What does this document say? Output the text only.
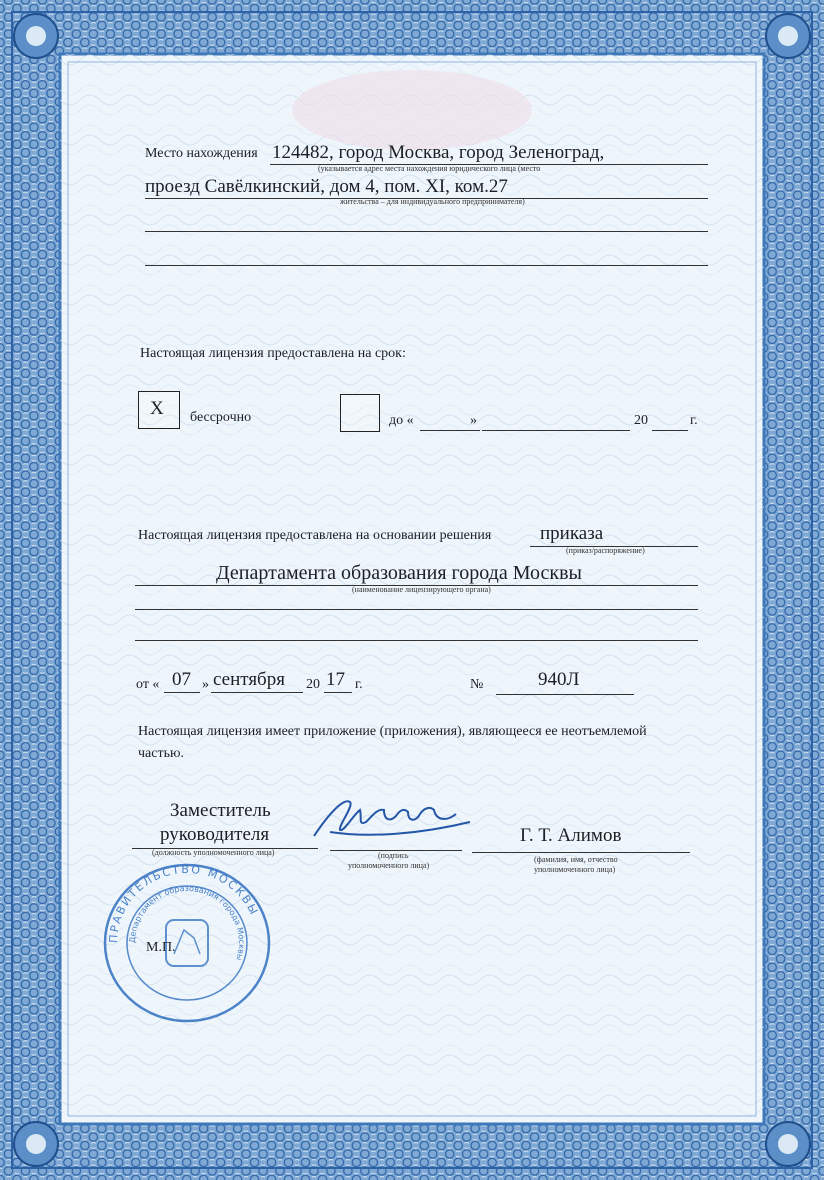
Место нахождения 124482, город Москва, город Зеленоград,
(указывается адрес места нахождения юридического лица (место
проезд Савёлкинский, дом 4, пом. XI, ком.27
жительства – для индивидуального предпринимателя)
Настоящая лицензия предоставлена на срок:
Х бессрочно	до «	»	20	г.
Настоящая лицензия предоставлена на основании решения	приказа
(приказ/распоряжение)
Департамента образования города Москвы
(наименование лицензирующего органа)
от « 07 » сентября 20 17 г.	№	940Л
Настоящая лицензия имеет приложение (приложения), являющееся ее неотъемлемой
частью.
Заместитель
руководителя
(должность уполномоченного лица)	(подпись
уполномоченного лица)
Г. Т. Алимов
(фамилия, имя, отчество
уполномоченного лица)
ПРАВИТЕЛЬСТВО МОСКВЫ
Департамент образования города Москвы
М.П.
